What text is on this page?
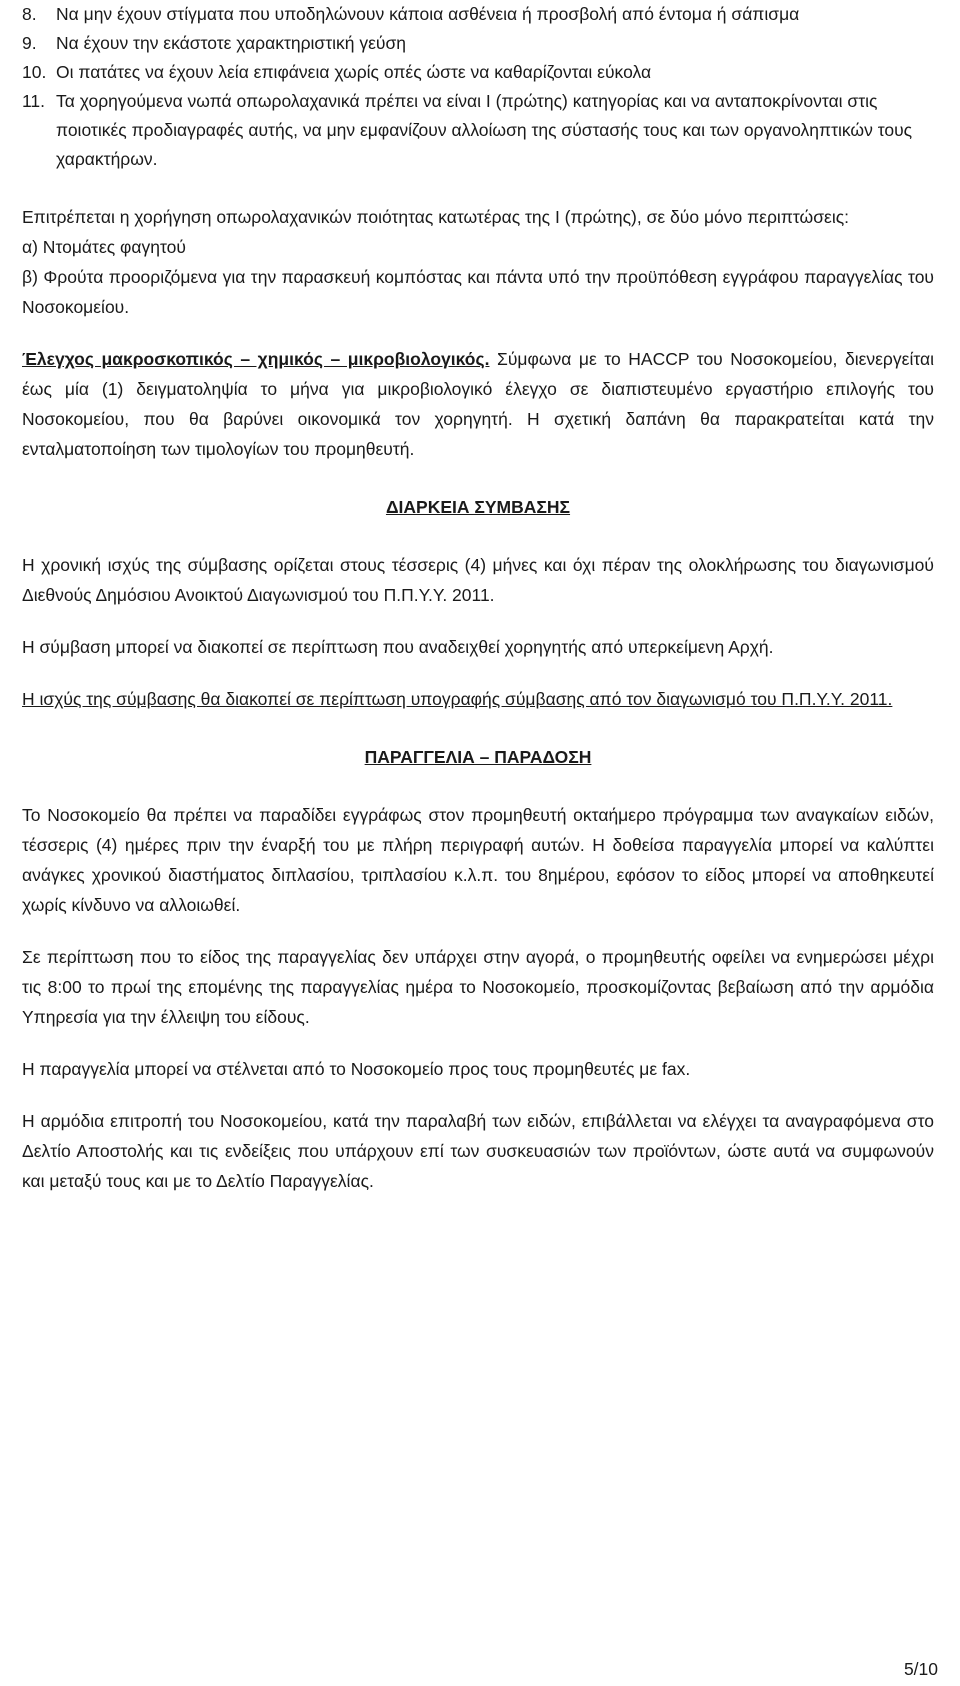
8. Να μην έχουν στίγματα που υποδηλώνουν κάποια ασθένεια ή προσβολή από έντομα ή σάπισμα
9. Να έχουν την εκάστοτε χαρακτηριστική γεύση
10. Οι πατάτες να έχουν λεία επιφάνεια χωρίς οπές ώστε να καθαρίζονται εύκολα
11. Τα χορηγούμενα νωπά οπωρολαχανικά πρέπει να είναι Ι (πρώτης) κατηγορίας και να ανταποκρίνονται στις ποιοτικές προδιαγραφές αυτής, να μην εμφανίζουν αλλοίωση της σύστασής τους και των οργανοληπτικών τους χαρακτήρων.

Επιτρέπεται η χορήγηση οπωρολαχανικών ποιότητας κατωτέρας της Ι (πρώτης), σε δύο μόνο περιπτώσεις:

α) Ντομάτες φαγητού

β) Φρούτα προοριζόμενα για την παρασκευή κομπόστας και πάντα υπό την προϋπόθεση εγγράφου παραγγελίας του Νοσοκομείου.

Έλεγχος μακροσκοπικός – χημικός – μικροβιολογικός. Σύμφωνα με το HACCP του Νοσοκομείου, διενεργείται έως μία (1) δειγματοληψία το μήνα για μικροβιολογικό έλεγχο σε διαπιστευμένο εργαστήριο επιλογής του Νοσοκομείου, που θα βαρύνει οικονομικά τον χορηγητή. Η σχετική δαπάνη θα παρακρατείται κατά την ενταλματοποίηση των τιμολογίων του προμηθευτή.

ΔΙΑΡΚΕΙΑ ΣΥΜΒΑΣΗΣ

Η χρονική ισχύς της σύμβασης ορίζεται στους τέσσερις (4) μήνες και όχι πέραν της ολοκλήρωσης του διαγωνισμού Διεθνούς Δημόσιου Ανοικτού Διαγωνισμού του Π.Π.Υ.Υ. 2011.

Η σύμβαση μπορεί να διακοπεί σε περίπτωση που αναδειχθεί χορηγητής από υπερκείμενη Αρχή.

Η ισχύς της σύμβασης θα διακοπεί σε περίπτωση υπογραφής σύμβασης από τον διαγωνισμό του Π.Π.Υ.Υ. 2011.

ΠΑΡΑΓΓΕΛΙΑ – ΠΑΡΑΔΟΣΗ

Το Νοσοκομείο θα πρέπει να παραδίδει εγγράφως στον προμηθευτή οκταήμερο πρόγραμμα των αναγκαίων ειδών, τέσσερις (4) ημέρες πριν την έναρξή του με πλήρη περιγραφή αυτών. Η δοθείσα παραγγελία μπορεί να καλύπτει ανάγκες χρονικού διαστήματος διπλασίου, τριπλασίου κ.λ.π. του 8ημέρου, εφόσον το είδος μπορεί να αποθηκευτεί χωρίς κίνδυνο να αλλοιωθεί.

Σε περίπτωση που το είδος της παραγγελίας δεν υπάρχει στην αγορά, ο προμηθευτής οφείλει να ενημερώσει μέχρι τις 8:00 το πρωί της επομένης της παραγγελίας ημέρα το Νοσοκομείο, προσκομίζοντας βεβαίωση από την αρμόδια Υπηρεσία για την έλλειψη του είδους.

Η παραγγελία μπορεί να στέλνεται από το Νοσοκομείο προς τους προμηθευτές με fax.

Η αρμόδια επιτροπή του Νοσοκομείου, κατά την παραλαβή των ειδών, επιβάλλεται να ελέγχει τα αναγραφόμενα στο Δελτίο Αποστολής και τις ενδείξεις που υπάρχουν επί των συσκευασιών των προϊόντων, ώστε αυτά να συμφωνούν και μεταξύ τους και με το Δελτίο Παραγγελίας.

5/10
